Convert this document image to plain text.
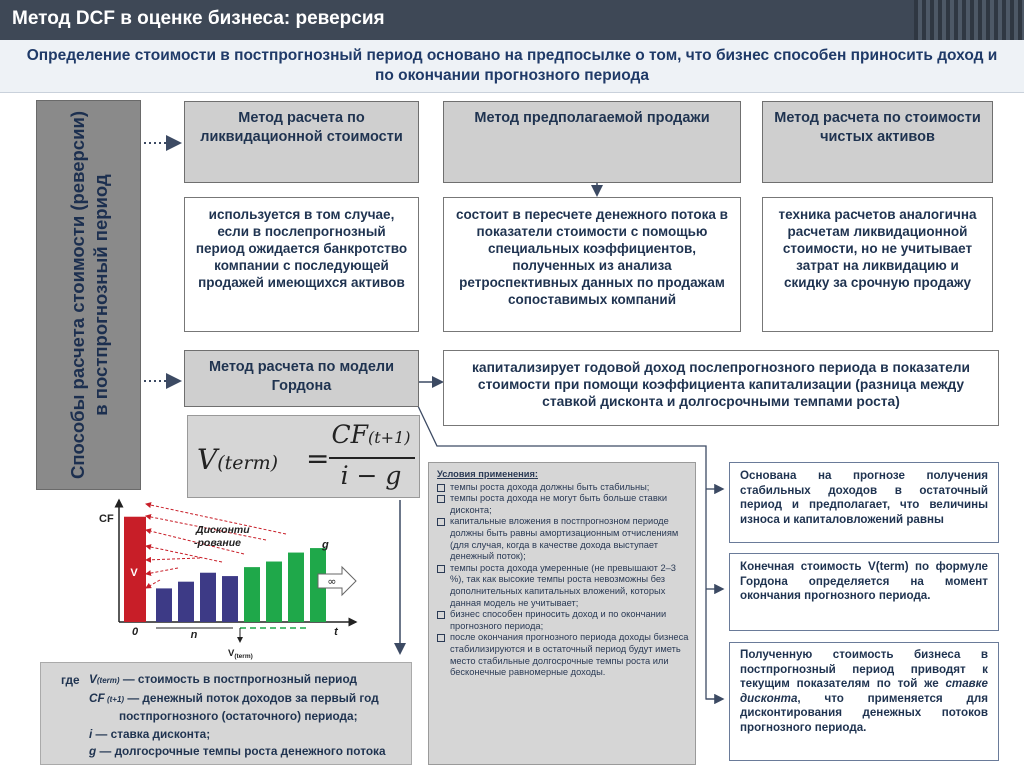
Метод DCF в оценке бизнеса: реверсия
Определение стоимости в постпрогнозный период основано на предпосылке о том, что бизнес способен приносить доход и по окончании прогнозного периода
Способы расчета стоимости (реверсии) в постпрогнозный период
Метод расчета по ликвидационной стоимости
Метод предполагаемой продажи	Метод расчета по стоимости чистых активов
используется в том случае, если в послепрогнозный период ожидается банкротство компании с последующей продажей имеющихся активов
состоит в пересчете денежного потока в показатели стоимости с помощью специальных коэффициентов, полученных из анализа ретроспективных данных по продажам сопоставимых компаний
техника расчетов аналогична расчетам ликвидационной стоимости, но не учитывает затрат на ликвидацию и скидку за срочную продажу
Метод расчета по модели Гордона
капитализирует годовой доход послепрогнозного периода в показатели стоимости при помощи коэффициента капитализации (разница между ставкой дисконта и долгосрочными темпами роста)
V(term) =
CF(t+1)
i − g
∞
CF
V
0	n	t
g
Дисконти
-рование
$V_{(term)}$
Условия применения:
темпы роста дохода должны быть стабильны;
темпы роста дохода не могут быть больше ставки дисконта;
капитальные вложения в постпрогнозном периоде должны быть равны амортизационным отчислениям (для случая, когда в качестве дохода выступает денежный поток);
темпы роста дохода умеренные (не превышают 2–3 %), так как высокие темпы роста невозможны без дополнительных капитальных вложений, которых данная модель не учитывает;
бизнес способен приносить доход и по окончании прогнозного периода;
после окончания прогнозного периода доходы бизнеса стабилизируются и в остаточный период будут иметь место стабильные долгосрочные темпы роста или бесконечные равномерные доходы.
Основана на прогнозе получения стабильных доходов в остаточный период и предполагает, что величины износа и капиталовложений равны
Конечная стоимость V(term) по формуле Гордона определяется на момент окончания прогнозного периода.
Полученную стоимость бизнеса в постпрогнозный период приводят к текущим показателям по той же ставке дисконта, что применяется для дисконтирования денежных потоков прогнозного периода.
где V(term) — стоимость в постпрогнозный период
CF (t+1) — денежный поток доходов за первый год
постпрогнозного (остаточного) периода;
i — ставка дисконта;
g — долгосрочные темпы роста денежного потока
